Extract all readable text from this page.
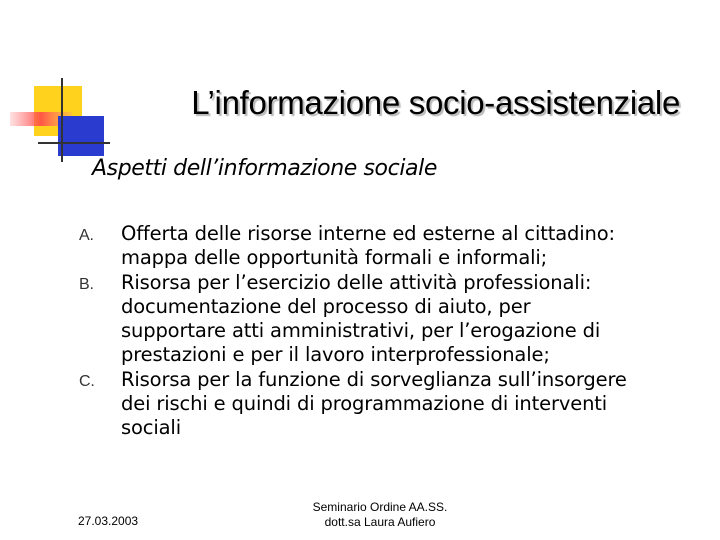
L’informazione socio-assistenziale
Aspetti dell’informazione sociale
A. Offerta delle risorse interne ed esterne al cittadino:
mappa delle opportunità formali e informali;
B. Risorsa per l’esercizio delle attività professionali:
documentazione del processo di aiuto, per
supportare atti amministrativi, per l’erogazione di
prestazioni e per il lavoro interprofessionale;
C. Risorsa per la funzione di sorveglianza sull’insorgere
dei rischi e quindi di programmazione di interventi
sociali
27.03.2003
Seminario Ordine AA.SS.
dott.sa Laura Aufiero
